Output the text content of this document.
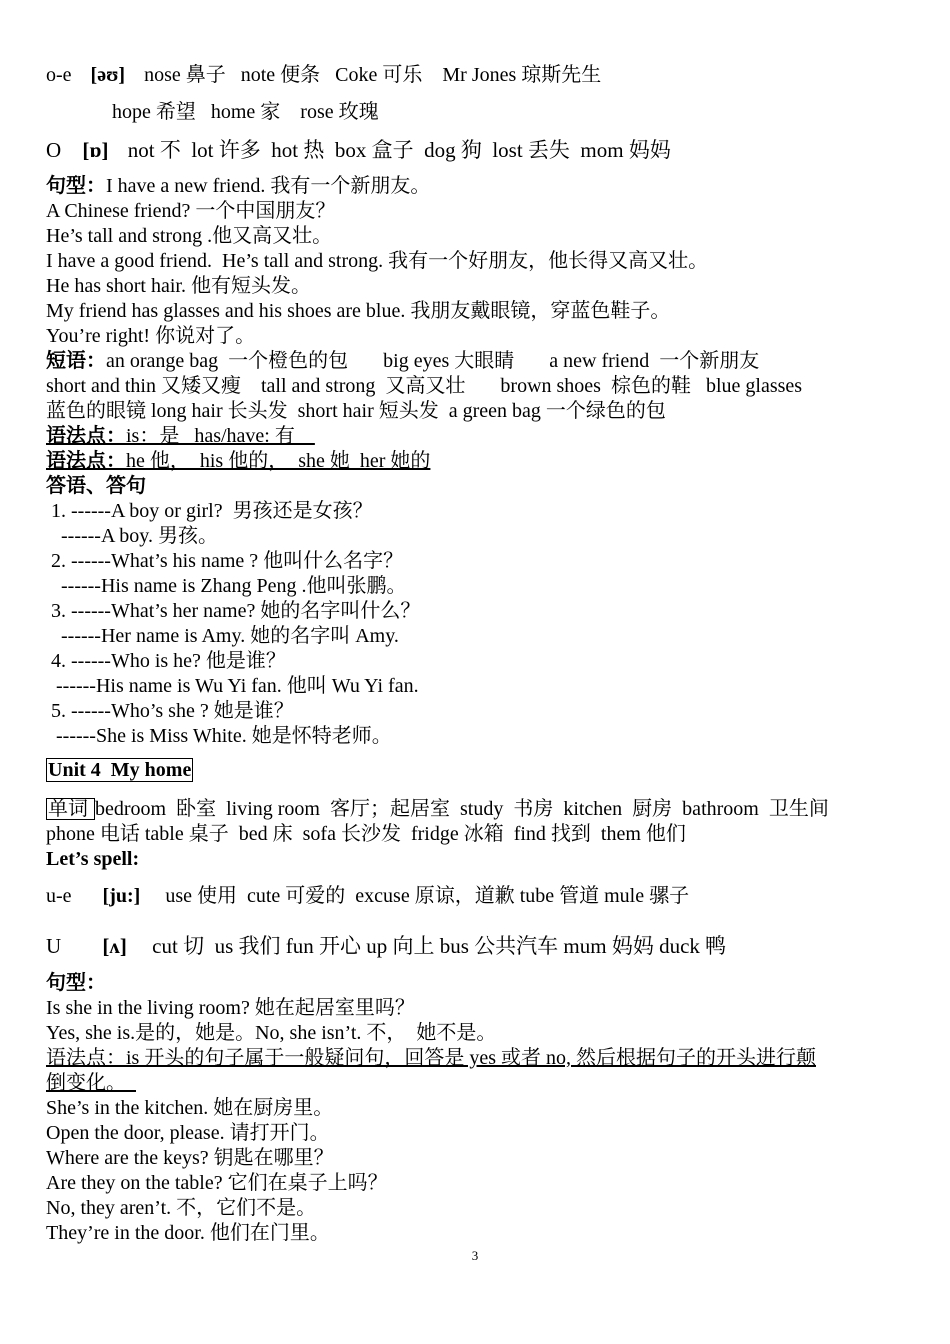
o-e [əʊ] nose 鼻子   note 便条   Coke 可乐    Mr Jones 琼斯先生
hope 希望   home 家    rose 玫瑰
O [ɒ] not 不  lot 许多  hot 热  box 盒子  dog 狗  lost 丢失  mom 妈妈
句型：I have a new friend. 我有一个新朋友。
A Chinese friend? 一个中国朋友？
He’s tall and strong .他又高又壮。
I have a good friend.  He’s tall and strong. 我有一个好朋友，他长得又高又壮。
He has short hair. 他有短头发。
My friend has glasses and his shoes are blue. 我朋友戴眼镜，穿蓝色鞋子。
You’re right! 你说对了。
短语：an orange bag  一个橙色的包       big eyes 大眼睛       a new friend  一个新朋友
short and thin 又矮又瘦    tall and strong  又高又壮       brown shoes  棕色的鞋   blue glasses
蓝色的眼镜 long hair 长头发  short hair 短头发  a green bag 一个绿色的包
语法点：is：是   has/have: 有
语法点：he 他，  his 他的，  she 她  her 她的
答语、答句
1. ------A boy or girl?  男孩还是女孩？
------A boy. 男孩。
2. ------What’s his name ? 他叫什么名字？
------His name is Zhang Peng .他叫张鹏。
3. ------What’s her name? 她的名字叫什么？
------Her name is Amy. 她的名字叫 Amy.
4. ------Who is he? 他是谁？
------His name is Wu Yi fan. 他叫 Wu Yi fan.
5. ------Who’s she ? 她是谁？
------She is Miss White. 她是怀特老师。
Unit 4  My home
单词 bedroom  卧室  living room  客厅；起居室  study  书房  kitchen  厨房  bathroom  卫生间
phone 电话 table 桌子  bed 床  sofa 长沙发  fridge 冰箱  find 找到  them 他们
Let’s spell:
u-e [ju:] use 使用  cute 可爱的  excuse 原谅，道歉 tube 管道 mule 骡子
U [ʌ] cut 切  us 我们 fun 开心 up 向上 bus 公共汽车 mum 妈妈 duck 鸭
句型：
Is she in the living room? 她在起居室里吗？
Yes, she is.是的，她是。No, she isn’t. 不，  她不是。
语法点：is 开头的句子属于一般疑问句，回答是 yes 或者 no, 然后根据句子的开头进行颠
倒变化。
She’s in the kitchen. 她在厨房里。
Open the door, please. 请打开门。
Where are the keys? 钥匙在哪里？
Are they on the table? 它们在桌子上吗？
No, they aren’t. 不，它们不是。
They’re in the door. 他们在门里。
3
